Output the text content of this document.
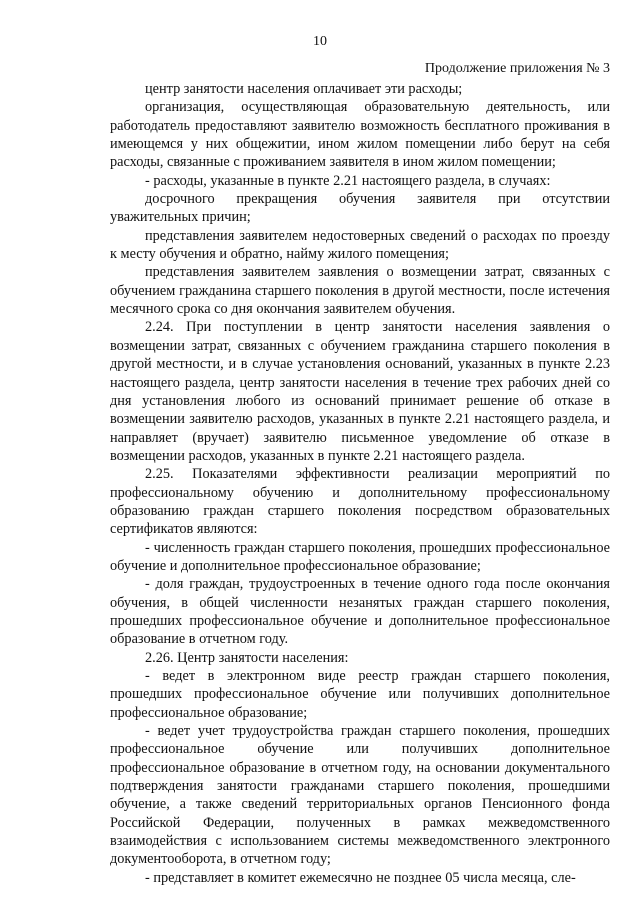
10
Продолжение приложения № 3

центр занятости населения оплачивает эти расходы;

организация, осуществляющая образовательную деятельность, или работодатель предоставляют заявителю возможность бесплатного проживания в имеющемся у них общежитии, ином жилом помещении либо берут на себя расходы, связанные с проживанием заявителя в ином жилом помещении;

- расходы, указанные в пункте 2.21 настоящего раздела, в случаях:

досрочного прекращения обучения заявителя при отсутствии уважительных причин;

представления заявителем недостоверных сведений о расходах по проезду к месту обучения и обратно, найму жилого помещения;

представления заявителем заявления о возмещении затрат, связанных с обучением гражданина старшего поколения в другой местности, после истечения месячного срока со дня окончания заявителем обучения.

2.24. При поступлении в центр занятости населения заявления о возмещении затрат, связанных с обучением гражданина старшего поколения в другой местности, и в случае установления оснований, указанных в пункте 2.23 настоящего раздела, центр занятости населения в течение трех рабочих дней со дня установления любого из оснований принимает решение об отказе в возмещении заявителю расходов, указанных в пункте 2.21 настоящего раздела, и направляет (вручает) заявителю письменное уведомление об отказе в возмещении расходов, указанных в пункте 2.21 настоящего раздела.

2.25. Показателями эффективности реализации мероприятий по профессиональному обучению и дополнительному профессиональному образованию граждан старшего поколения посредством образовательных сертификатов являются:

- численность граждан старшего поколения, прошедших профессиональное обучение и дополнительное профессиональное образование;

- доля граждан, трудоустроенных в течение одного года после окончания обучения, в общей численности незанятых граждан старшего поколения, прошедших профессиональное обучение и дополнительное профессиональное образование в отчетном году.

2.26. Центр занятости населения:

- ведет в электронном виде реестр граждан старшего поколения, прошедших профессиональное обучение или получивших дополнительное профессиональное образование;

- ведет учет трудоустройства граждан старшего поколения, прошедших профессиональное обучение или получивших дополнительное профессиональное образование в отчетном году, на основании документального подтверждения занятости гражданами старшего поколения, прошедшими обучение, а также сведений территориальных органов Пенсионного фонда Российской Федерации, полученных в рамках межведомственного взаимодействия с использованием системы межведомственного электронного документооборота, в отчетном году;

- представляет в комитет ежемесячно не позднее 05 числа месяца, сле-
